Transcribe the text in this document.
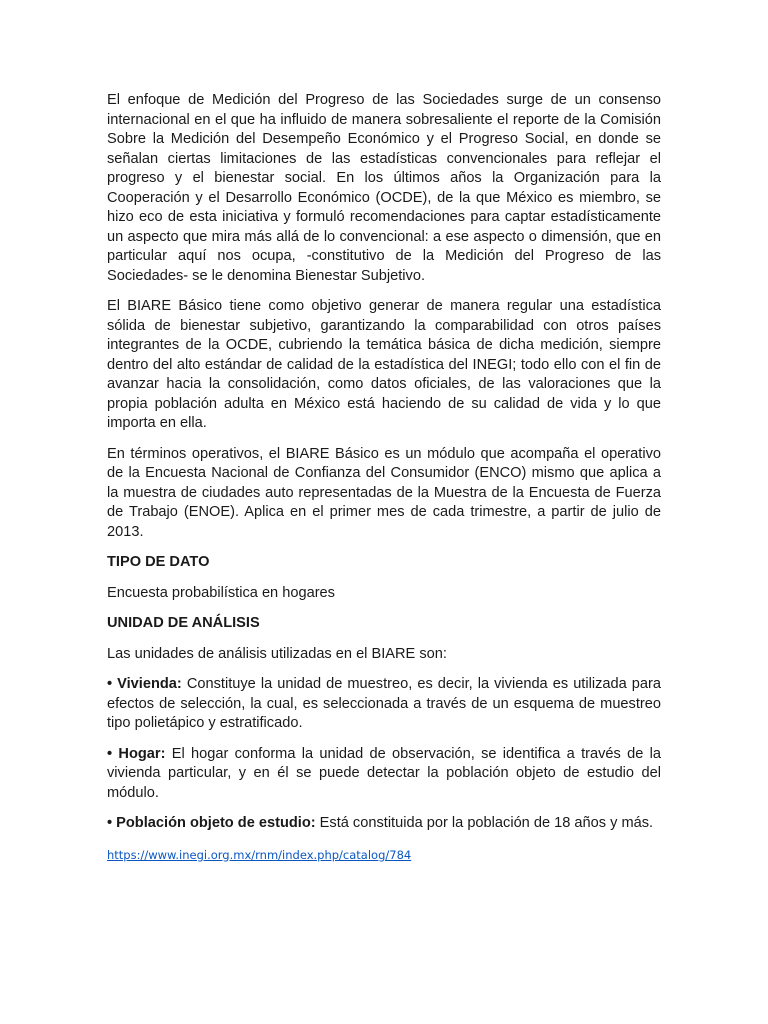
El enfoque de Medición del Progreso de las Sociedades surge de un consenso internacional en el que ha influido de manera sobresaliente el reporte de la Comisión Sobre la Medición del Desempeño Económico y el Progreso Social, en donde se señalan ciertas limitaciones de las estadísticas convencionales para reflejar el progreso y el bienestar social. En los últimos años la Organización para la Cooperación y el Desarrollo Económico (OCDE), de la que México es miembro, se hizo eco de esta iniciativa y formuló recomendaciones para captar estadísticamente un aspecto que mira más allá de lo convencional: a ese aspecto o dimensión, que en particular aquí nos ocupa, -constitutivo de la Medición del Progreso de las Sociedades- se le denomina Bienestar Subjetivo.

El BIARE Básico tiene como objetivo generar de manera regular una estadística sólida de bienestar subjetivo, garantizando la comparabilidad con otros países integrantes de la OCDE, cubriendo la temática básica de dicha medición, siempre dentro del alto estándar de calidad de la estadística del INEGI; todo ello con el fin de avanzar hacia la consolidación, como datos oficiales, de las valoraciones que la propia población adulta en México está haciendo de su calidad de vida y lo que importa en ella.

En términos operativos, el BIARE Básico es un módulo que acompaña el operativo de la Encuesta Nacional de Confianza del Consumidor (ENCO) mismo que aplica a la muestra de ciudades auto representadas de la Muestra de la Encuesta de Fuerza de Trabajo (ENOE). Aplica en el primer mes de cada trimestre, a partir de julio de 2013.

TIPO DE DATO

Encuesta probabilística en hogares

UNIDAD DE ANÁLISIS

Las unidades de análisis utilizadas en el BIARE son:

• Vivienda: Constituye la unidad de muestreo, es decir, la vivienda es utilizada para efectos de selección, la cual, es seleccionada a través de un esquema de muestreo tipo polietápico y estratificado.

• Hogar: El hogar conforma la unidad de observación, se identifica a través de la vivienda particular, y en él se puede detectar la población objeto de estudio del módulo.

• Población objeto de estudio: Está constituida por la población de 18 años y más.

https://www.inegi.org.mx/rnm/index.php/catalog/784
